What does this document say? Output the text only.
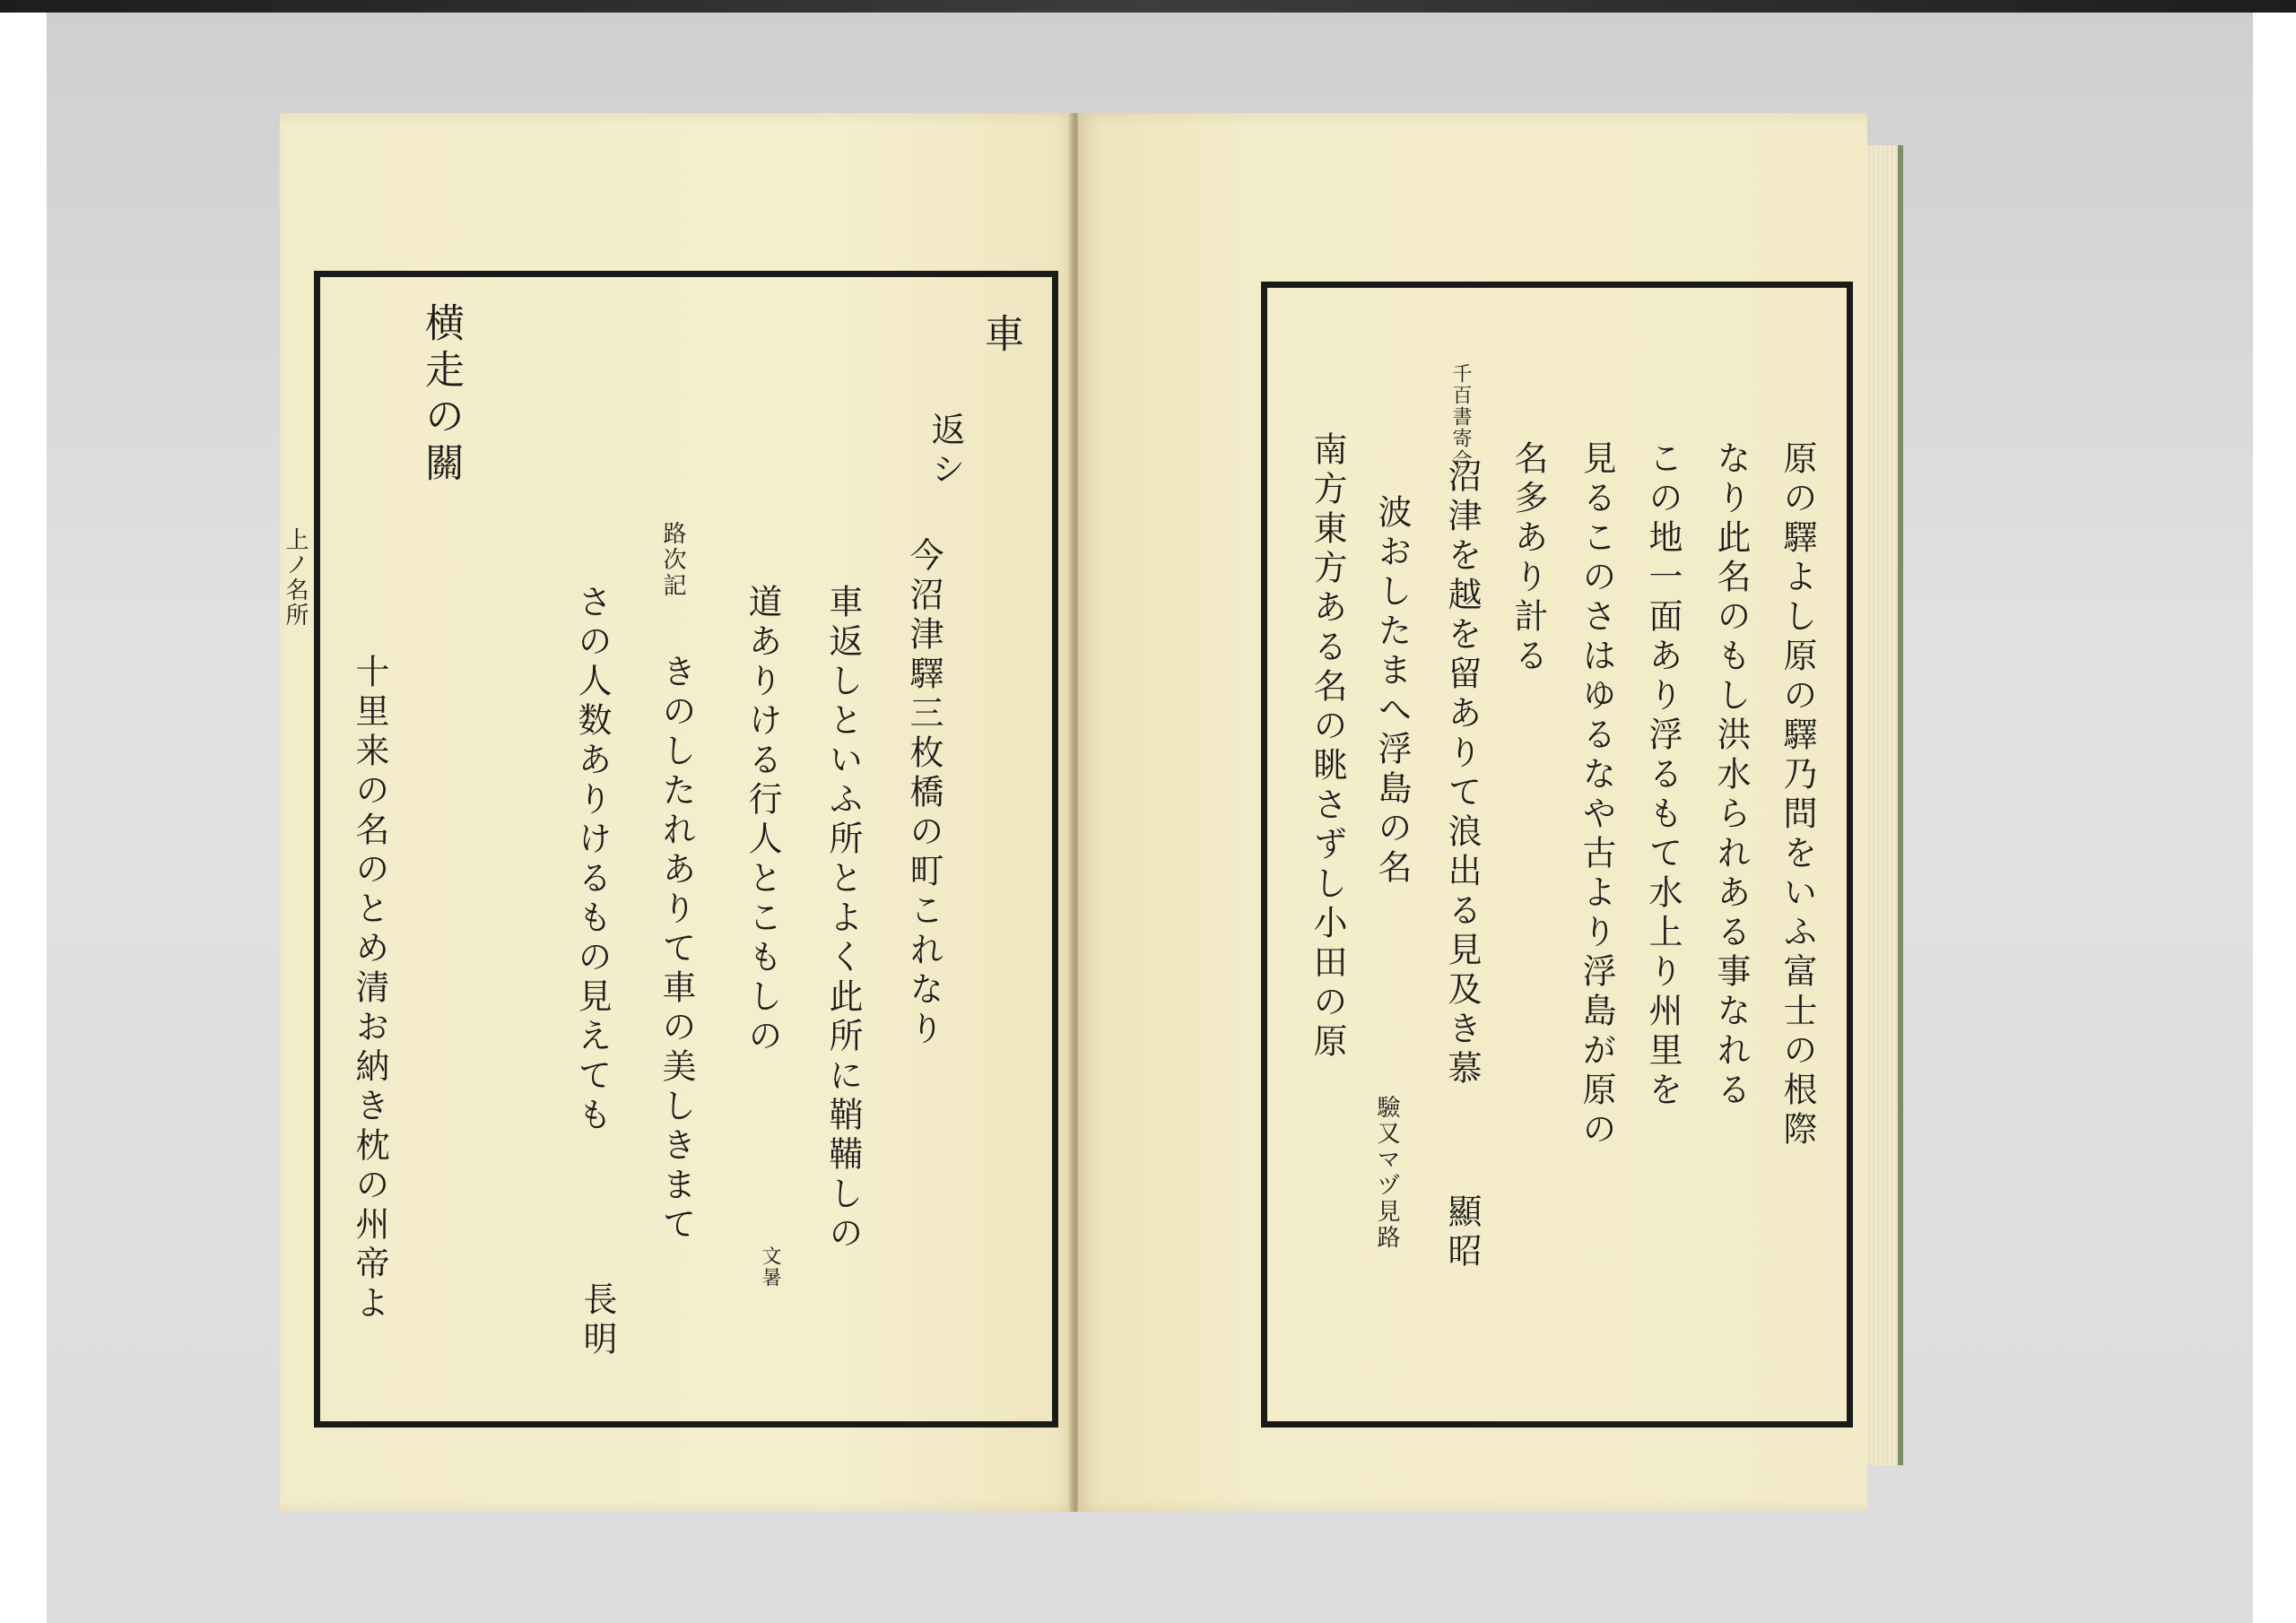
上ノ名所
車
返シ
今沼津驛三枚橋の町これなり
車返しといふ所とよく此所に鞘鞴しの
道ありける行人とこもしの
文暑
路次記
きのしたれありて車の美しきまて
さの人数ありけるもの見えても
長明
横走の關
十里来の名のとめ清お納き枕の州帝よ	原の驛よし原の驛乃問をいふ富士の根際
なり此名のもし洪水られある事なれる
この地一面あり浮るもて水上り州里を
見るこのさはゆるなや古より浮島が原の
名多あり計る
千百書寄合
沼津を越を留ありて浪出る見及き慕
波おしたまへ浮島の名
顯昭
南方東方ある名の眺さずし小田の原
驗又マヅ見路
